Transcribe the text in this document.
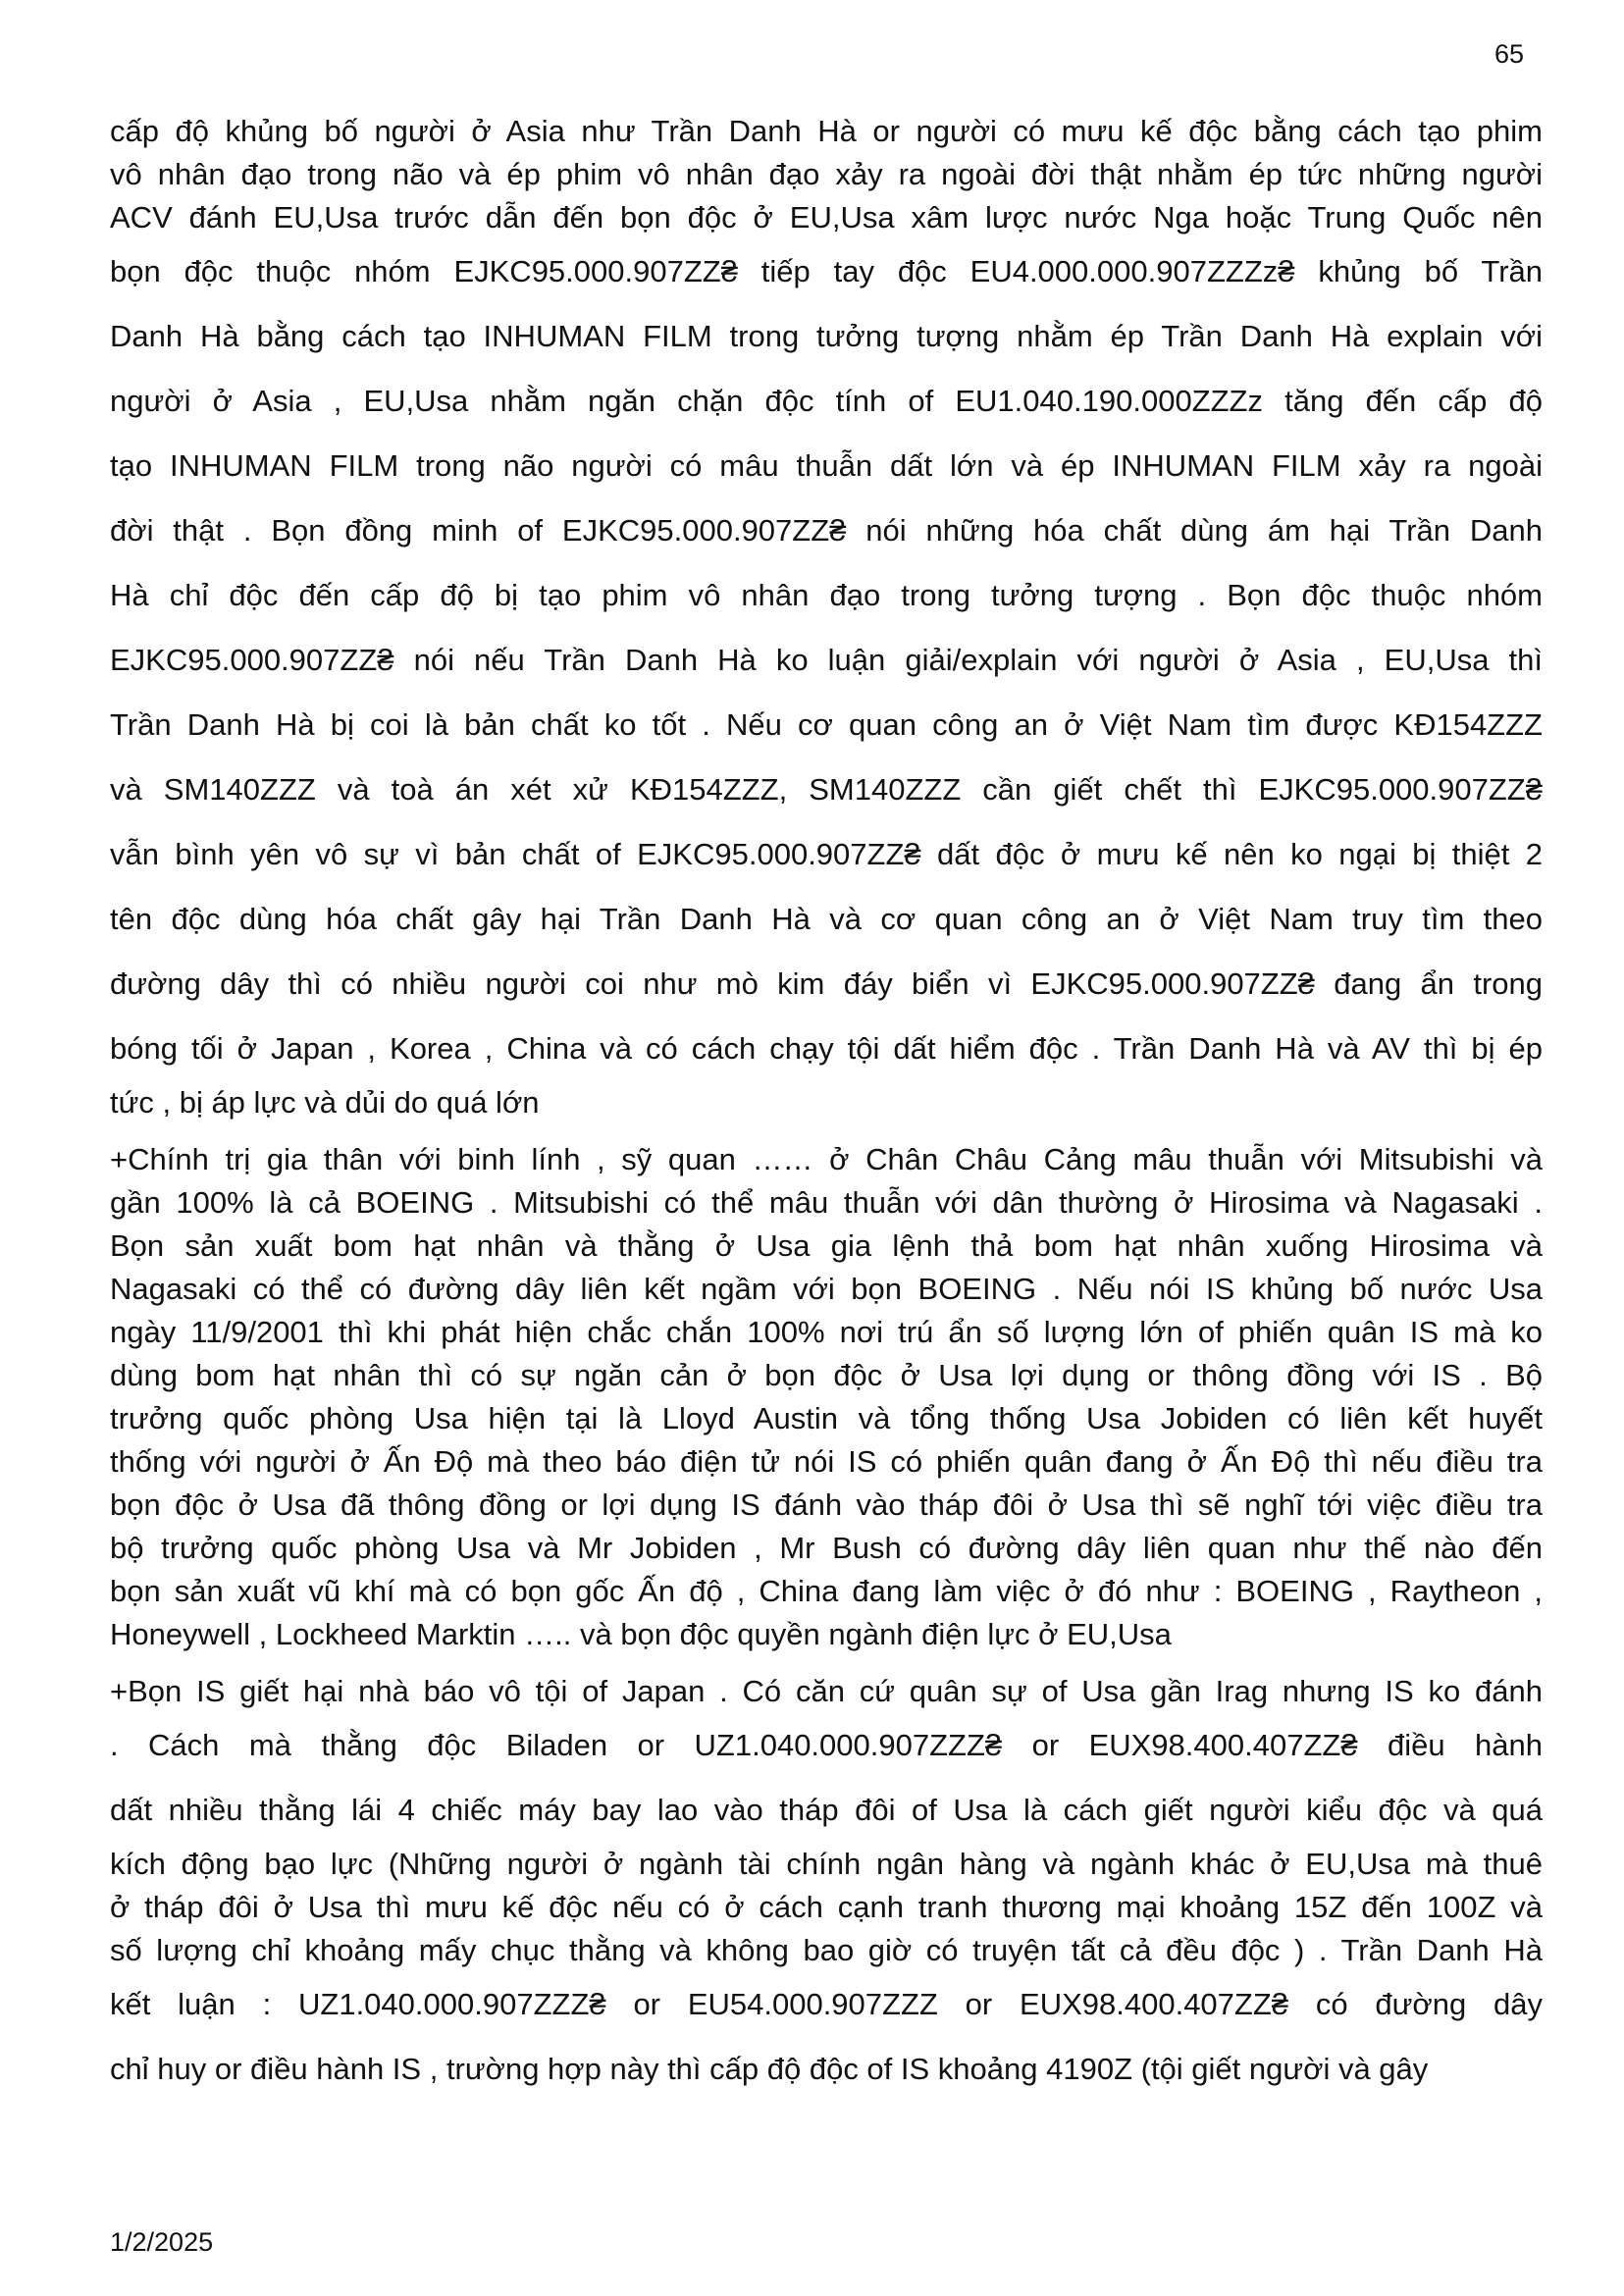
65
cấp độ khủng bố người ở Asia như Trần Danh Hà or người có mưu kế độc bằng cách tạo phim
vô nhân đạo trong não và ép phim vô nhân đạo xảy ra ngoài đời thật nhằm ép tức những người
ACV đánh EU,Usa trước dẫn đến bọn độc ở EU,Usa xâm lược nước Nga hoặc Trung Quốc nên
bọn độc thuộc nhóm EJKC95.000.907ZZ₴ tiếp tay độc EU4.000.000.907ZZZz₴ khủng bố Trần
Danh Hà bằng cách tạo INHUMAN FILM trong tưởng tượng nhằm ép Trần Danh Hà explain với
người ở Asia , EU,Usa nhằm ngăn chặn độc tính of EU1.040.190.000ZZZz tăng đến cấp độ
tạo INHUMAN FILM trong não người có mâu thuẫn dất lớn và ép INHUMAN FILM xảy ra ngoài
đời thật . Bọn đồng minh of EJKC95.000.907ZZ₴ nói những hóa chất dùng ám hại Trần Danh
Hà chỉ độc đến cấp độ bị tạo phim vô nhân đạo trong tưởng tượng . Bọn độc thuộc nhóm
EJKC95.000.907ZZ₴ nói nếu Trần Danh Hà ko luận giải/explain với người ở Asia , EU,Usa thì
Trần Danh Hà bị coi là bản chất ko tốt . Nếu cơ quan công an ở Việt Nam tìm được KĐ154ZZZ
và SM140ZZZ và toà án xét xử KĐ154ZZZ, SM140ZZZ cần giết chết thì EJKC95.000.907ZZ₴
vẫn bình yên vô sự vì bản chất of EJKC95.000.907ZZ₴ dất độc ở mưu kế nên ko ngại bị thiệt 2
tên độc dùng hóa chất gây hại Trần Danh Hà và cơ quan công an ở Việt Nam truy tìm theo
đường dây thì có nhiều người coi như mò kim đáy biển vì EJKC95.000.907ZZ₴ đang ẩn trong
bóng tối ở Japan , Korea , China và có cách chạy tội dất hiểm độc . Trần Danh Hà và AV thì bị ép
tức , bị áp lực và dủi do quá lớn
+Chính trị gia thân với binh lính , sỹ quan …… ở Chân Châu Cảng mâu thuẫn với Mitsubishi và
gần 100% là cả BOEING . Mitsubishi có thể mâu thuẫn với dân thường ở Hirosima và Nagasaki .
Bọn sản xuất bom hạt nhân và thằng ở Usa gia lệnh thả bom hạt nhân xuống Hirosima và
Nagasaki có thể có đường dây liên kết ngầm với bọn BOEING . Nếu nói IS khủng bố nước Usa
ngày 11/9/2001 thì khi phát hiện chắc chắn 100% nơi trú ẩn số lượng lớn of phiến quân IS mà ko
dùng bom hạt nhân thì có sự ngăn cản ở bọn độc ở Usa lợi dụng or thông đồng với IS . Bộ
trưởng quốc phòng Usa hiện tại là Lloyd Austin và tổng thống Usa Jobiden có liên kết huyết
thống với người ở Ấn Độ mà theo báo điện tử nói IS có phiến quân đang ở Ấn Độ thì nếu điều tra
bọn độc ở Usa đã thông đồng or lợi dụng IS đánh vào tháp đôi ở Usa thì sẽ nghĩ tới việc điều tra
bộ trưởng quốc phòng Usa và Mr Jobiden , Mr Bush có đường dây liên quan như thế nào đến
bọn sản xuất vũ khí mà có bọn gốc Ấn độ , China đang làm việc ở đó như : BOEING , Raytheon ,
Honeywell , Lockheed Marktin ….. và bọn độc quyền ngành điện lực ở EU,Usa
+Bọn IS giết hại nhà báo vô tội of Japan . Có căn cứ quân sự of Usa gần Irag nhưng IS ko đánh
. Cách mà thằng độc Biladen or UZ1.040.000.907ZZZ₴ or EUX98.400.407ZZ₴ điều hành
dất nhiều thằng lái 4 chiếc máy bay lao vào tháp đôi of Usa là cách giết người kiểu độc và quá
kích động bạo lực (Những người ở ngành tài chính ngân hàng và ngành khác ở EU,Usa mà thuê
ở tháp đôi ở Usa thì mưu kế độc nếu có ở cách cạnh tranh thương mại khoảng 15Z đến 100Z và
số lượng chỉ khoảng mấy chục thằng và không bao giờ có truyện tất cả đều độc ) . Trần Danh Hà
kết luận : UZ1.040.000.907ZZZ₴ or EU54.000.907ZZZ or EUX98.400.407ZZ₴ có đường dây
chỉ huy or điều hành IS , trường hợp này thì cấp độ độc of IS khoảng 4190Z (tội giết người và gây
1/2/2025
